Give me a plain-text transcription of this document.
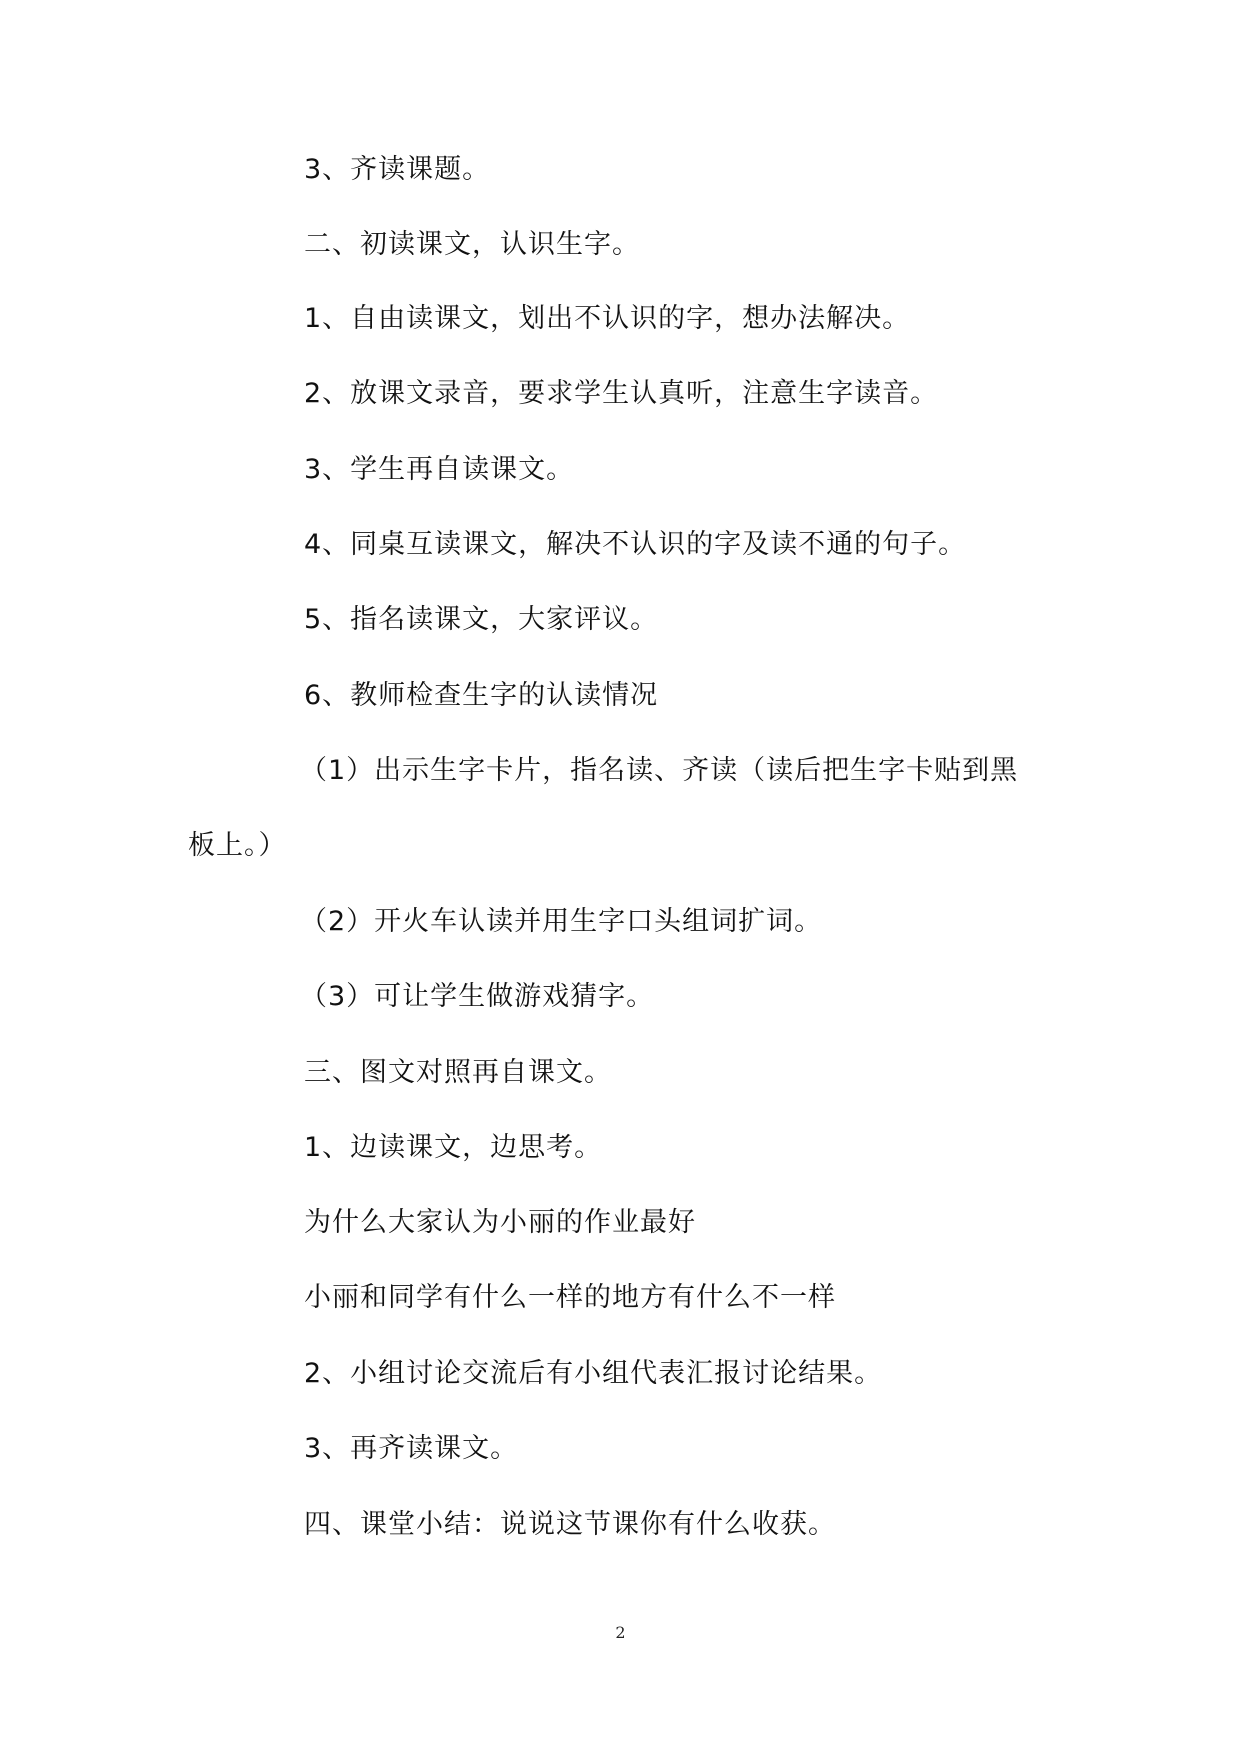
3、齐读课题。
二、初读课文，认识生字。
1、自由读课文，划出不认识的字，想办法解决。
2、放课文录音，要求学生认真听，注意生字读音。
3、学生再自读课文。
4、同桌互读课文，解决不认识的字及读不通的句子。
5、指名读课文，大家评议。
6、教师检查生字的认读情况
（1）出示生字卡片，指名读、齐读（读后把生字卡贴到黑
板上。）
（2）开火车认读并用生字口头组词扩词。
（3）可让学生做游戏猜字。
三、图文对照再自课文。
1、边读课文，边思考。
为什么大家认为小丽的作业最好
小丽和同学有什么一样的地方有什么不一样
2、小组讨论交流后有小组代表汇报讨论结果。
3、再齐读课文。
四、课堂小结：说说这节课你有什么收获。
2
